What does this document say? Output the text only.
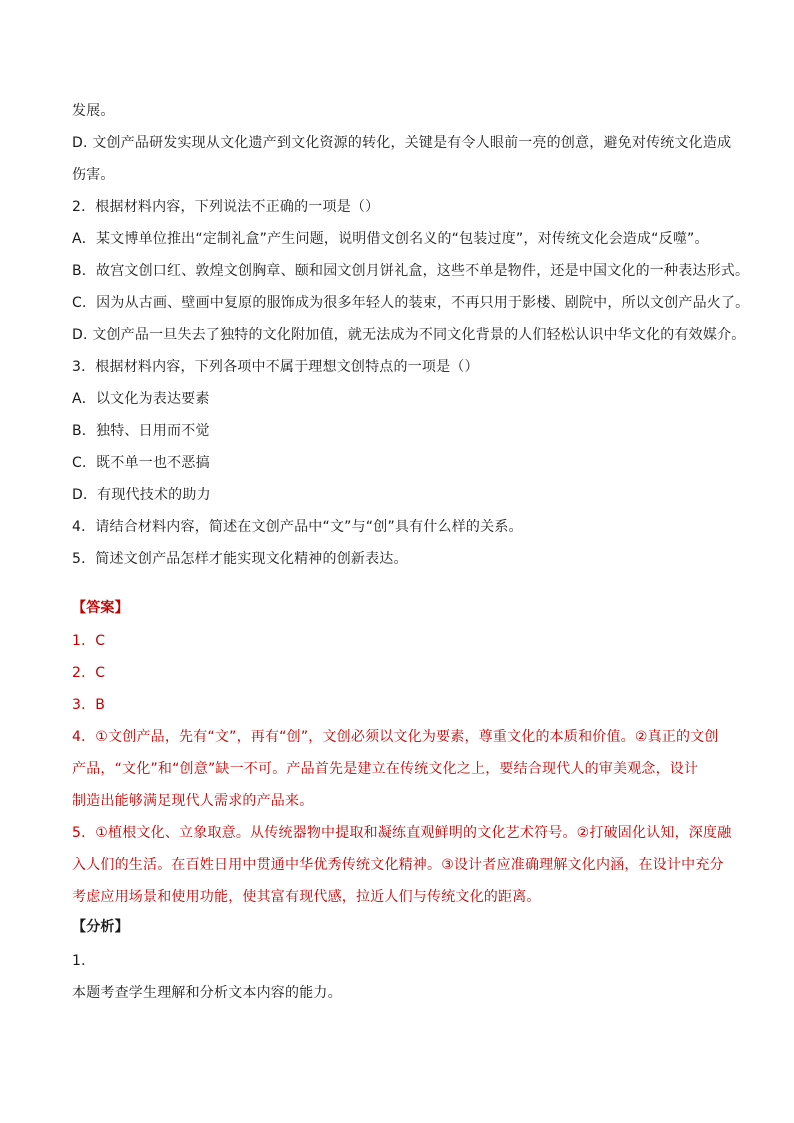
发展。
D. 文创产品研发实现从文化遗产到文化资源的转化，关键是有令人眼前一亮的创意，避免对传统文化造成
伤害。
2．根据材料内容，下列说法不正确的一项是（）
A．某文博单位推出“定制礼盒”产生问题，说明借文创名义的“包装过度”，对传统文化会造成“反噬”。
B．故宫文创口红、敦煌文创胸章、颐和园文创月饼礼盒，这些不单是物件，还是中国文化的一种表达形式。
C．因为从古画、壁画中复原的服饰成为很多年轻人的装束，不再只用于影楼、剧院中，所以文创产品火了。
D. 文创产品一旦失去了独特的文化附加值，就无法成为不同文化背景的人们轻松认识中华文化的有效媒介。
3．根据材料内容，下列各项中不属于理想文创特点的一项是（）
A．以文化为表达要素
B．独特、日用而不觉
C．既不单一也不恶搞
D．有现代技术的助力
4．请结合材料内容，简述在文创产品中“文”与“创”具有什么样的关系。
5．简述文创产品怎样才能实现文化精神的创新表达。
【答案】
1．C
2．C
3．B
4．①文创产品，先有“文”，再有“创”，文创必须以文化为要素，尊重文化的本质和价值。②真正的文创
产品，“文化”和“创意”缺一不可。产品首先是建立在传统文化之上，要结合现代人的审美观念，设计
制造出能够满足现代人需求的产品来。
5．①植根文化、立象取意。从传统器物中提取和凝练直观鲜明的文化艺术符号。②打破固化认知，深度融
入人们的生活。在百姓日用中贯通中华优秀传统文化精神。③设计者应准确理解文化内涵，在设计中充分
考虑应用场景和使用功能，使其富有现代感，拉近人们与传统文化的距离。
【分析】
1．
本题考查学生理解和分析文本内容的能力。
